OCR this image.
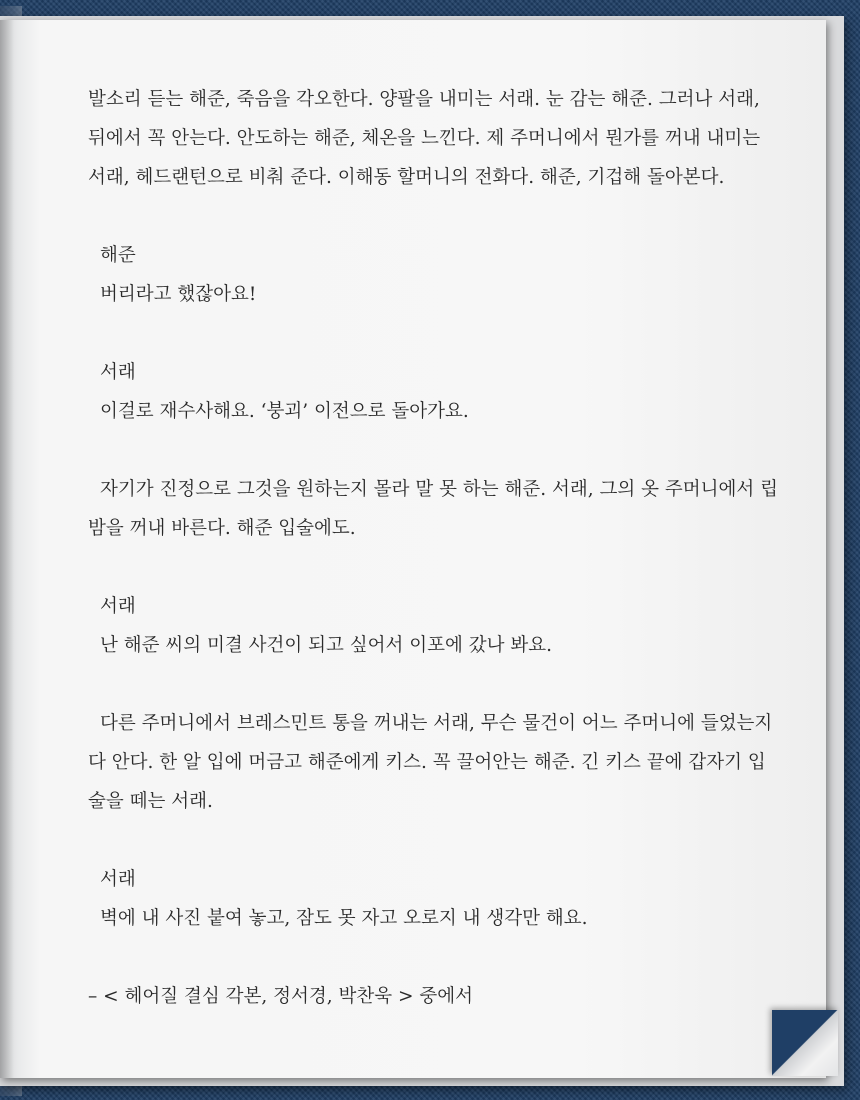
발소리 듣는 해준, 죽음을 각오한다. 양팔을 내미는 서래. 눈 감는 해준. 그러나 서래, 뒤에서 꼭 안는다. 안도하는 해준, 체온을 느낀다. 제 주머니에서 뭔가를 꺼내 내미는 서래, 헤드랜턴으로 비춰 준다. 이해동 할머니의 전화다. 해준, 기겁해 돌아본다.

해준

버리라고 했잖아요!

서래

이걸로 재수사해요. ‘붕괴’ 이전으로 돌아가요.

자기가 진정으로 그것을 원하는지 몰라 말 못 하는 해준. 서래, 그의 옷 주머니에서 립밤을 꺼내 바른다. 해준 입술에도.

서래

난 해준 씨의 미결 사건이 되고 싶어서 이포에 갔나 봐요.

다른 주머니에서 브레스민트 통을 꺼내는 서래, 무슨 물건이 어느 주머니에 들었는지 다 안다. 한 알 입에 머금고 해준에게 키스. 꼭 끌어안는 해준. 긴 키스 끝에 갑자기 입술을 떼는 서래.

서래

벽에 내 사진 붙여 놓고, 잠도 못 자고 오로지 내 생각만 해요.

– < 헤어질 결심 각본, 정서경, 박찬욱 > 중에서
